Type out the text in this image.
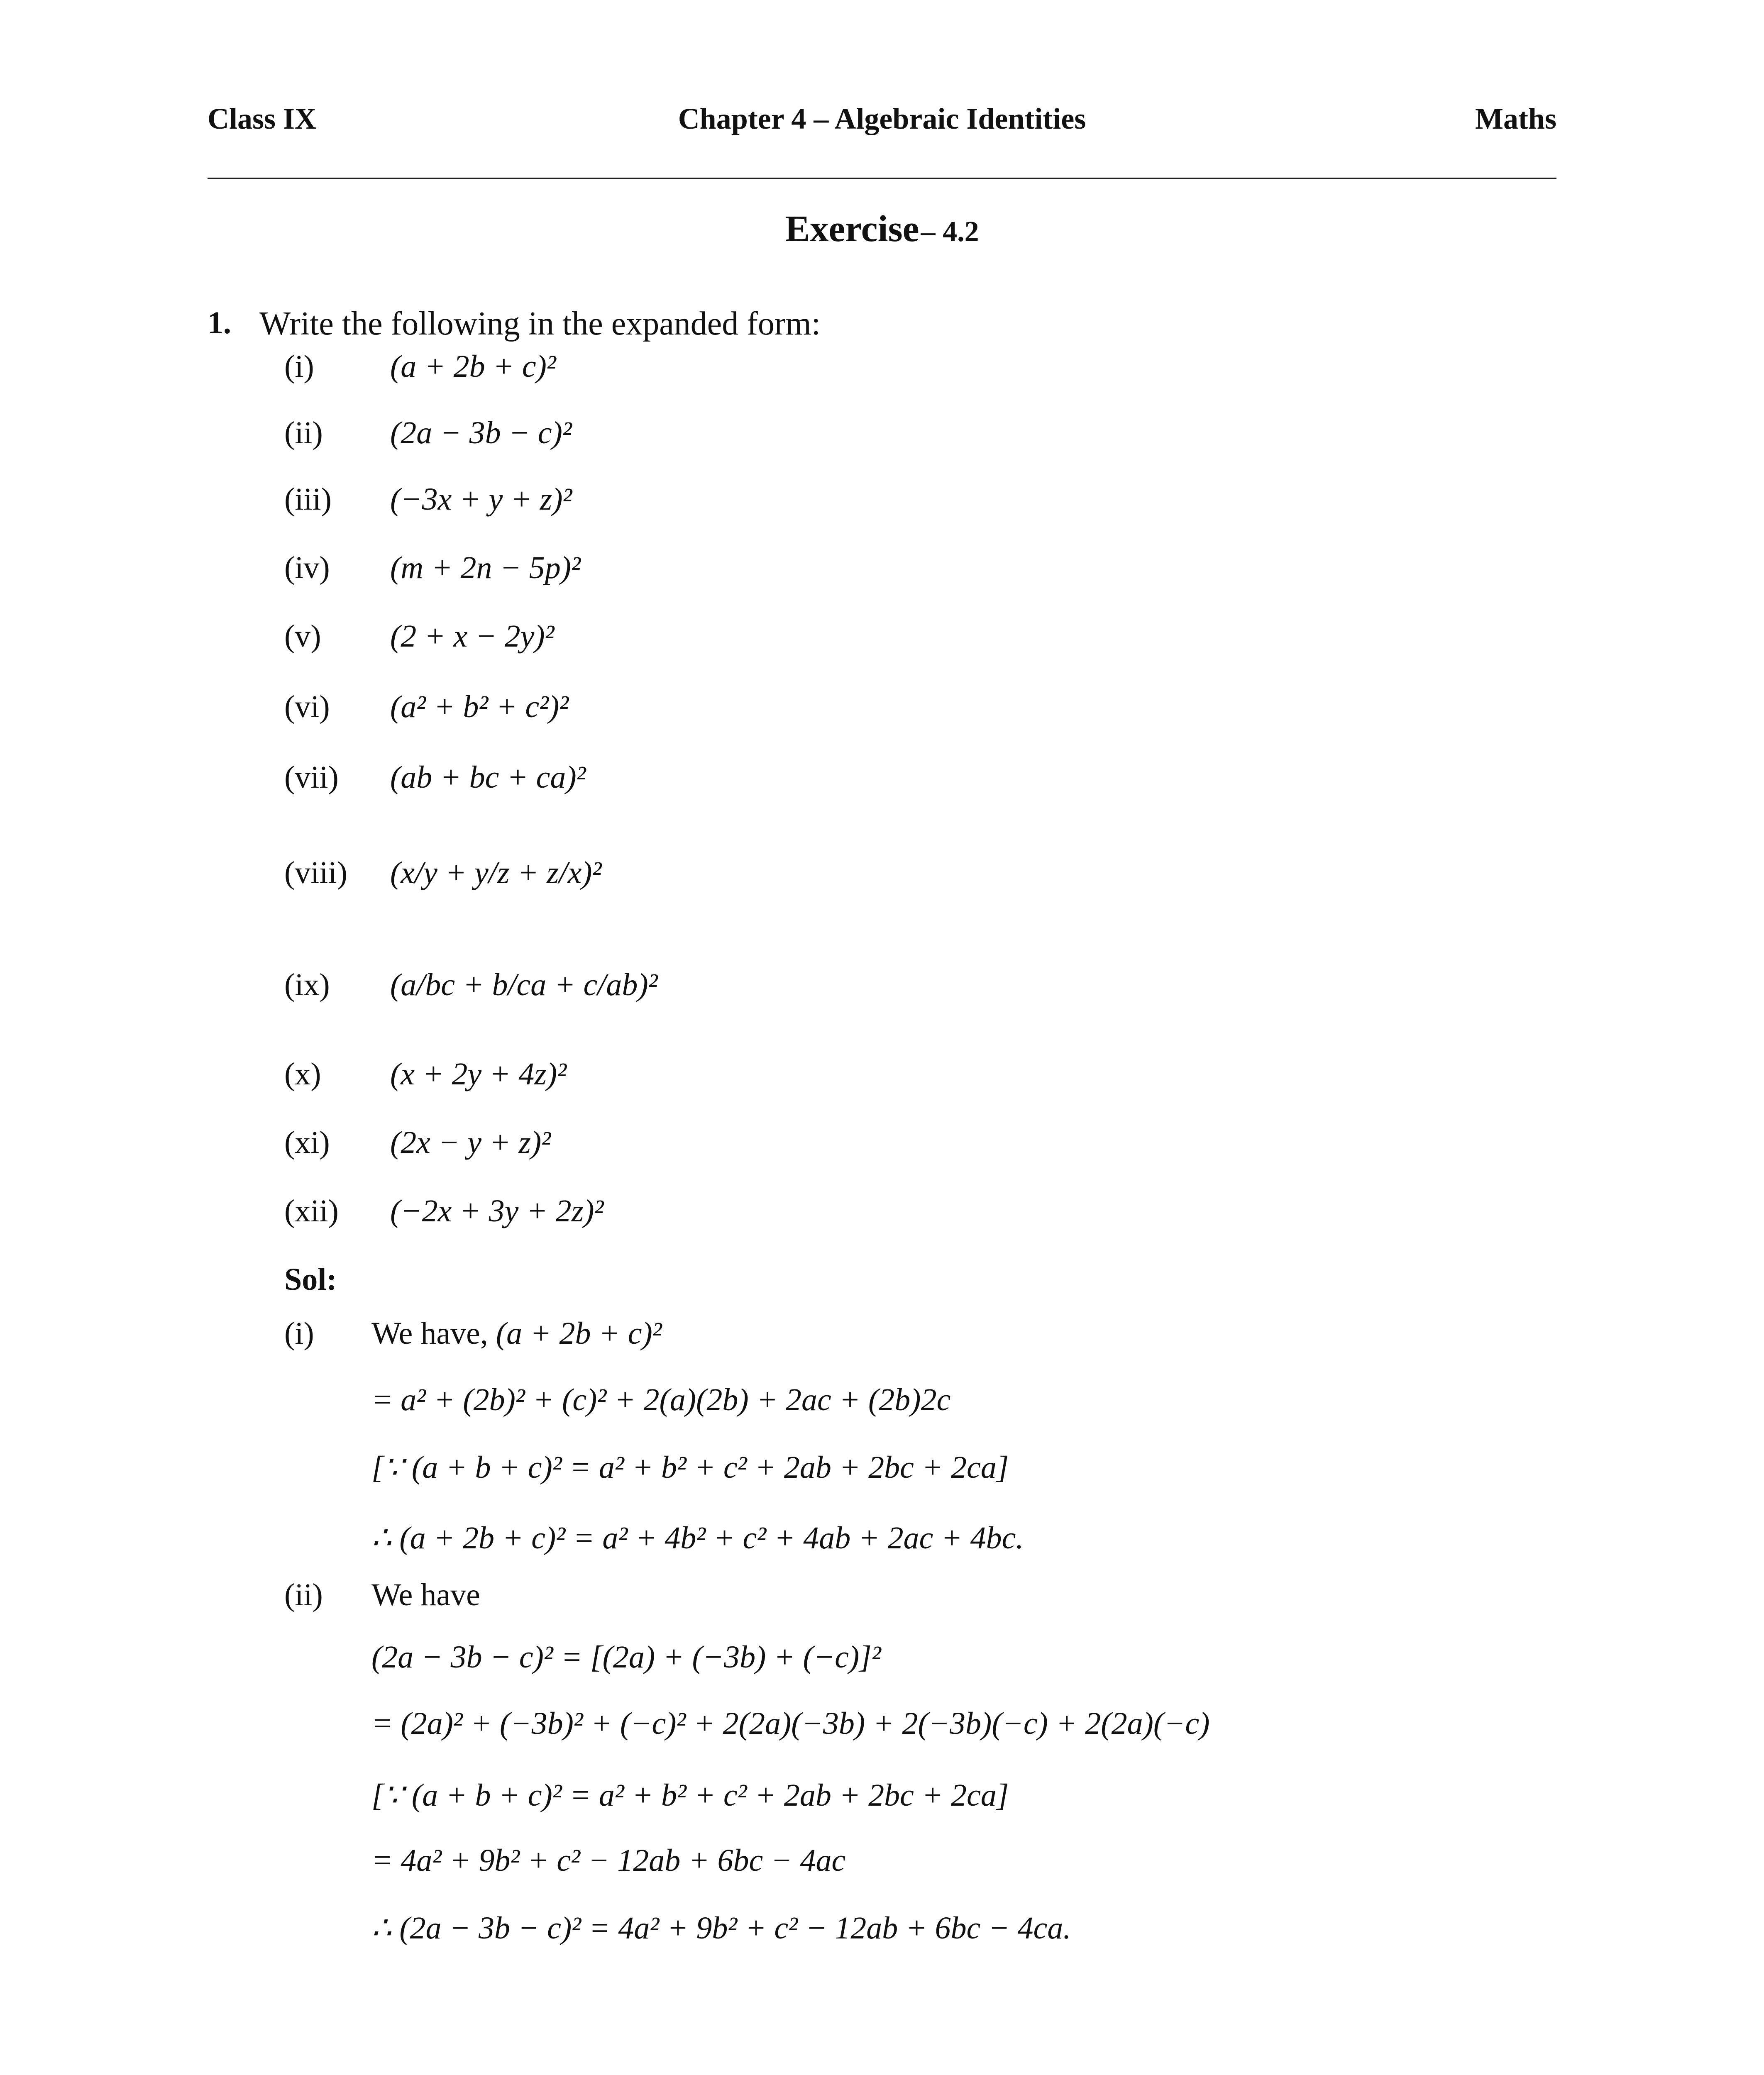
Class IX	Chapter 4 – Algebraic Identities	Maths
Exercise – 4.2
1. Write the following in the expanded form:
(i) (a + 2b + c)²
(ii) (2a − 3b − c)²
(iii) (−3x + y + z)²
(iv) (m + 2n − 5p)²
(v) (2 + x − 2y)²
(vi) (a² + b² + c²)²
(vii) (ab + bc + ca)²
(viii) (x/y + y/z + z/x)²
(ix) (a/bc + b/ca + c/ab)²
(x) (x + 2y + 4z)²
(xi) (2x − y + z)²
(xii) (−2x + 3y + 2z)²
Sol:
(i) We have, (a + 2b + c)²
= a² + (2b)² + (c)² + 2(a)(2b) + 2ac + (2b)2c
[∵ (a + b + c)² = a² + b² + c² + 2ab + 2bc + 2ca]
∴ (a + 2b + c)² = a² + 4b² + c² + 4ab + 2ac + 4bc.
(ii) We have
(2a − 3b − c)² = [(2a) + (−3b) + (−c)]²
= (2a)² + (−3b)² + (−c)² + 2(2a)(−3b) + 2(−3b)(−c) + 2(2a)(−c)
[∵ (a + b + c)² = a² + b² + c² + 2ab + 2bc + 2ca]
= 4a² + 9b² + c² − 12ab + 6bc − 4ac
∴ (2a − 3b − c)² = 4a² + 9b² + c² − 12ab + 6bc − 4ca.
